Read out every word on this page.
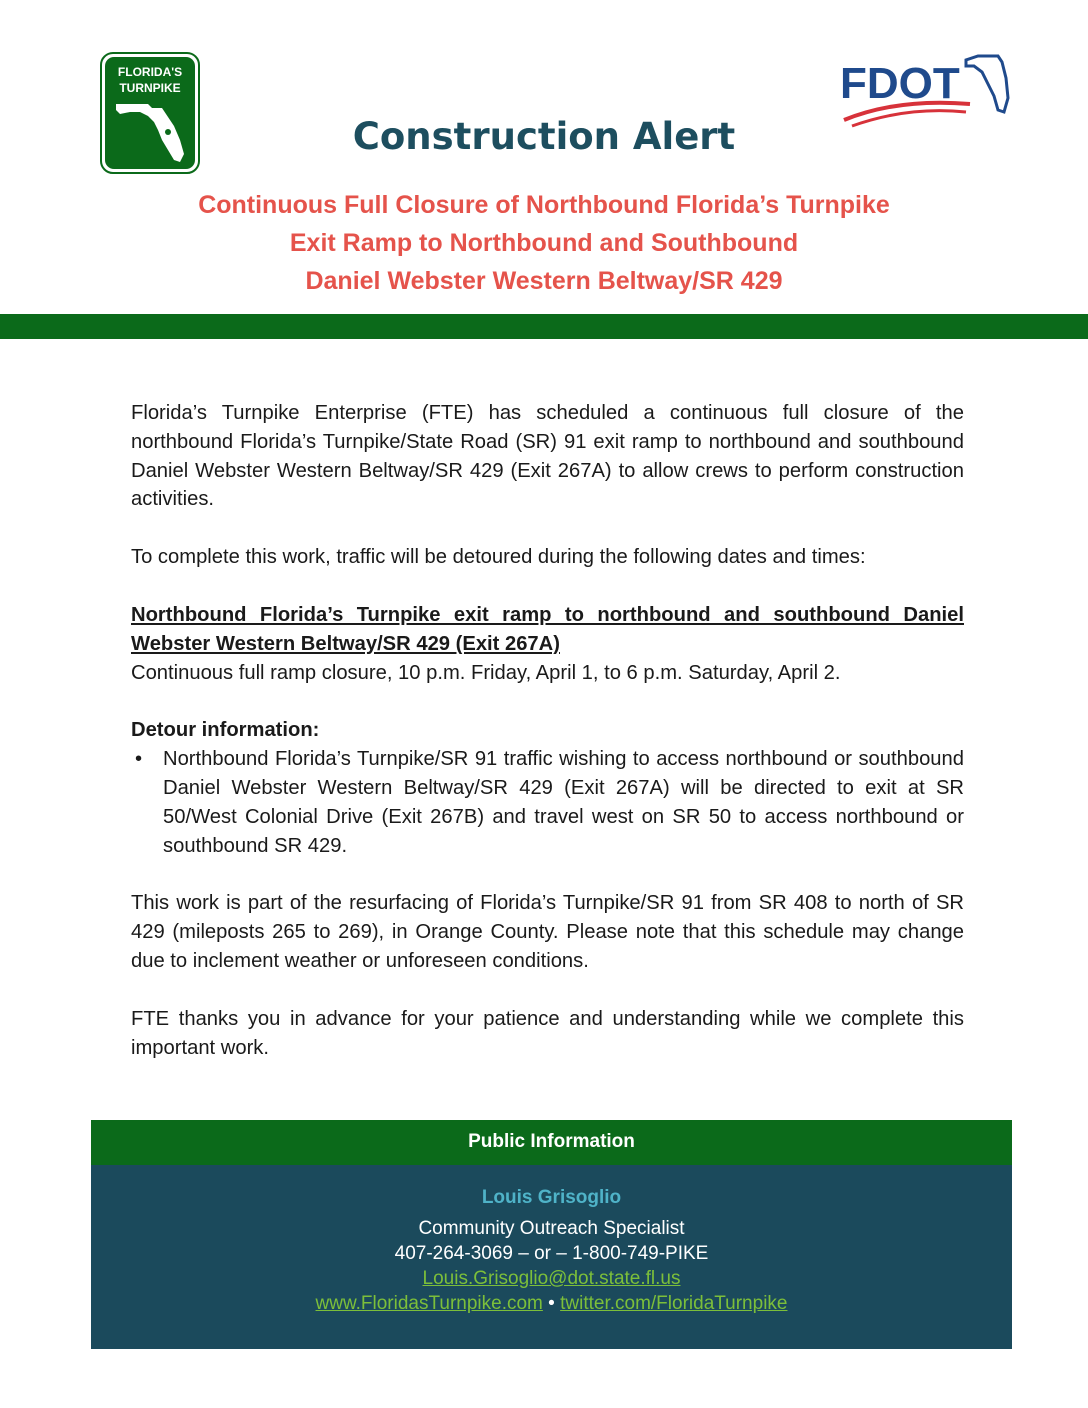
FLORIDA'S
TURNPIKE	FDOT
Construction Alert
Continuous Full Closure of Northbound Florida’s Turnpike
Exit Ramp to Northbound and Southbound
Daniel Webster Western Beltway/SR 429

Florida’s Turnpike Enterprise (FTE) has scheduled a continuous full closure of the northbound Florida’s Turnpike/State Road (SR) 91 exit ramp to northbound and southbound Daniel Webster Western Beltway/SR 429 (Exit 267A) to allow crews to perform construction activities.

To complete this work, traffic will be detoured during the following dates and times:

Northbound Florida’s Turnpike exit ramp to northbound and southbound Daniel Webster Western Beltway/SR 429 (Exit 267A)

Continuous full ramp closure, 10 p.m. Friday, April 1, to 6 p.m. Saturday, April 2.

Detour information:

•	Northbound Florida’s Turnpike/SR 91 traffic wishing to access northbound or southbound Daniel Webster Western Beltway/SR 429 (Exit 267A) will be directed to exit at SR 50/West Colonial Drive (Exit 267B) and travel west on SR 50 to access northbound or southbound SR 429.

This work is part of the resurfacing of Florida’s Turnpike/SR 91 from SR 408 to north of SR 429 (mileposts 265 to 269), in Orange County. Please note that this schedule may change due to inclement weather or unforeseen conditions.

FTE thanks you in advance for your patience and understanding while we complete this important work.

Public Information
Louis Grisoglio
Community Outreach Specialist
407-264-3069 – or – 1-800-749-PIKE
Louis.Grisoglio@dot.state.fl.us
www.FloridasTurnpike.com • twitter.com/FloridaTurnpike
